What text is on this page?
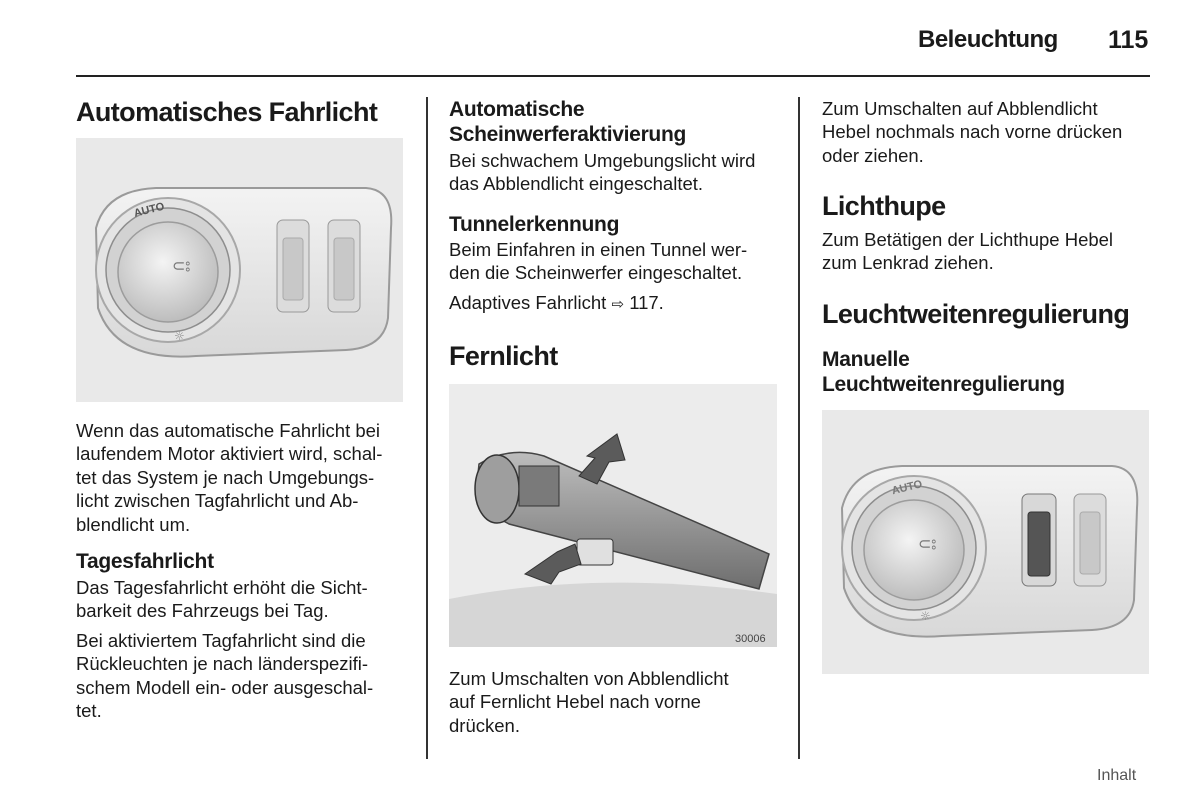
Beleuchtung 115
Automatisches Fahrlicht
AUTO
⊂⦂
☼

Wenn das automatische Fahrlicht bei
laufendem Motor aktiviert wird, schal-
tet das System je nach Umgebungs-
licht zwischen Tagfahrlicht und Ab-
blendlicht um.

Tagesfahrlicht

Das Tagesfahrlicht erhöht die Sicht-
barkeit des Fahrzeugs bei Tag.

Bei aktiviertem Tagfahrlicht sind die
Rückleuchten je nach länderspezifi-
schem Modell ein- oder ausgeschal-
tet.

Automatische
Scheinwerferaktivierung

Bei schwachem Umgebungslicht wird
das Abblendlicht eingeschaltet.

Tunnelerkennung

Beim Einfahren in einen Tunnel wer-
den die Scheinwerfer eingeschaltet.

Adaptives Fahrlicht ⇨ 117.

Fernlicht
30006

Zum Umschalten von Abblendlicht
auf Fernlicht Hebel nach vorne
drücken.

Zum Umschalten auf Abblendlicht
Hebel nochmals nach vorne drücken
oder ziehen.

Lichthupe

Zum Betätigen der Lichthupe Hebel
zum Lenkrad ziehen.

Leuchtweitenregulierung
Manuelle
Leuchtweitenregulierung
AUTO
⊂⦂
☼
Inhalt
